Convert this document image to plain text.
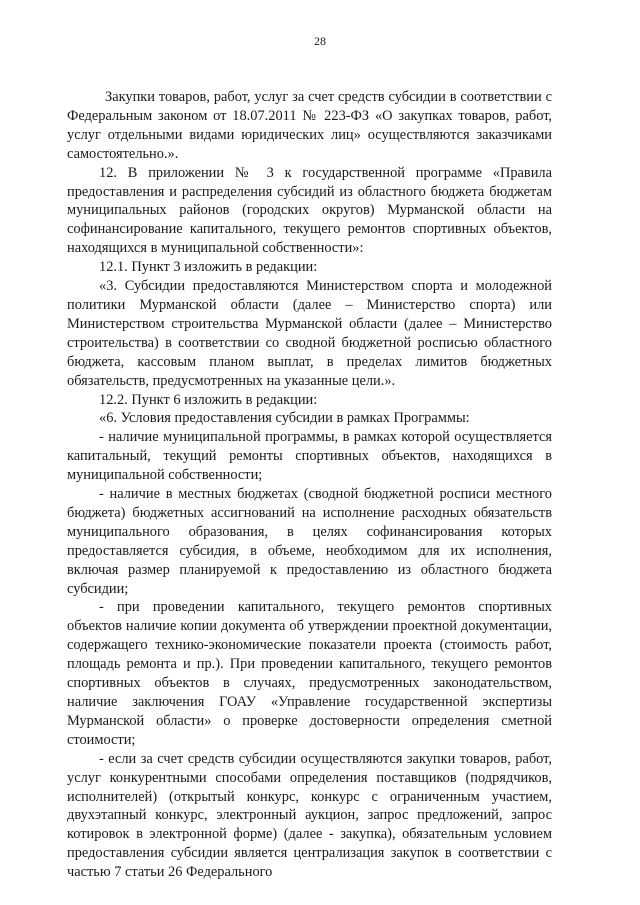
28

Закупки товаров, работ, услуг за счет средств субсидии в соответствии с Федеральным законом от 18.07.2011 № 223-ФЗ «О закупках товаров, работ, услуг отдельными видами юридических лиц» осуществляются заказчиками самостоятельно.».

12. В приложении № 3 к государственной программе «Правила предоставления и распределения субсидий из областного бюджета бюджетам муниципальных районов (городских округов) Мурманской области на софинансирование капитального, текущего ремонтов спортивных объектов, находящихся в муниципальной собственности»:

12.1. Пункт 3 изложить в редакции:

«3. Субсидии предоставляются Министерством спорта и молодежной политики Мурманской области (далее – Министерство спорта) или Министерством строительства Мурманской области (далее – Министерство строительства) в соответствии со сводной бюджетной росписью областного бюджета, кассовым планом выплат, в пределах лимитов бюджетных обязательств, предусмотренных на указанные цели.».

12.2. Пункт 6 изложить в редакции:

«6. Условия предоставления субсидии в рамках Программы:

- наличие муниципальной программы, в рамках которой осуществляется капитальный, текущий ремонты спортивных объектов, находящихся в муниципальной собственности;

- наличие в местных бюджетах (сводной бюджетной росписи местного бюджета) бюджетных ассигнований на исполнение расходных обязательств муниципального образования, в целях софинансирования которых предоставляется субсидия, в объеме, необходимом для их исполнения, включая размер планируемой к предоставлению из областного бюджета субсидии;

- при проведении капитального, текущего ремонтов спортивных объектов наличие копии документа об утверждении проектной документации, содержащего технико-экономические показатели проекта (стоимость работ, площадь ремонта и пр.). При проведении капитального, текущего ремонтов спортивных объектов в случаях, предусмотренных законодательством, наличие заключения ГОАУ «Управление государственной экспертизы Мурманской области» о проверке достоверности определения сметной стоимости;

- если за счет средств субсидии осуществляются закупки товаров, работ, услуг конкурентными способами определения поставщиков (подрядчиков, исполнителей) (открытый конкурс, конкурс с ограниченным участием, двухэтапный конкурс, электронный аукцион, запрос предложений, запрос котировок в электронной форме) (далее - закупка), обязательным условием предоставления субсидии является централизация закупок в соответствии с частью 7 статьи 26 Федерального
